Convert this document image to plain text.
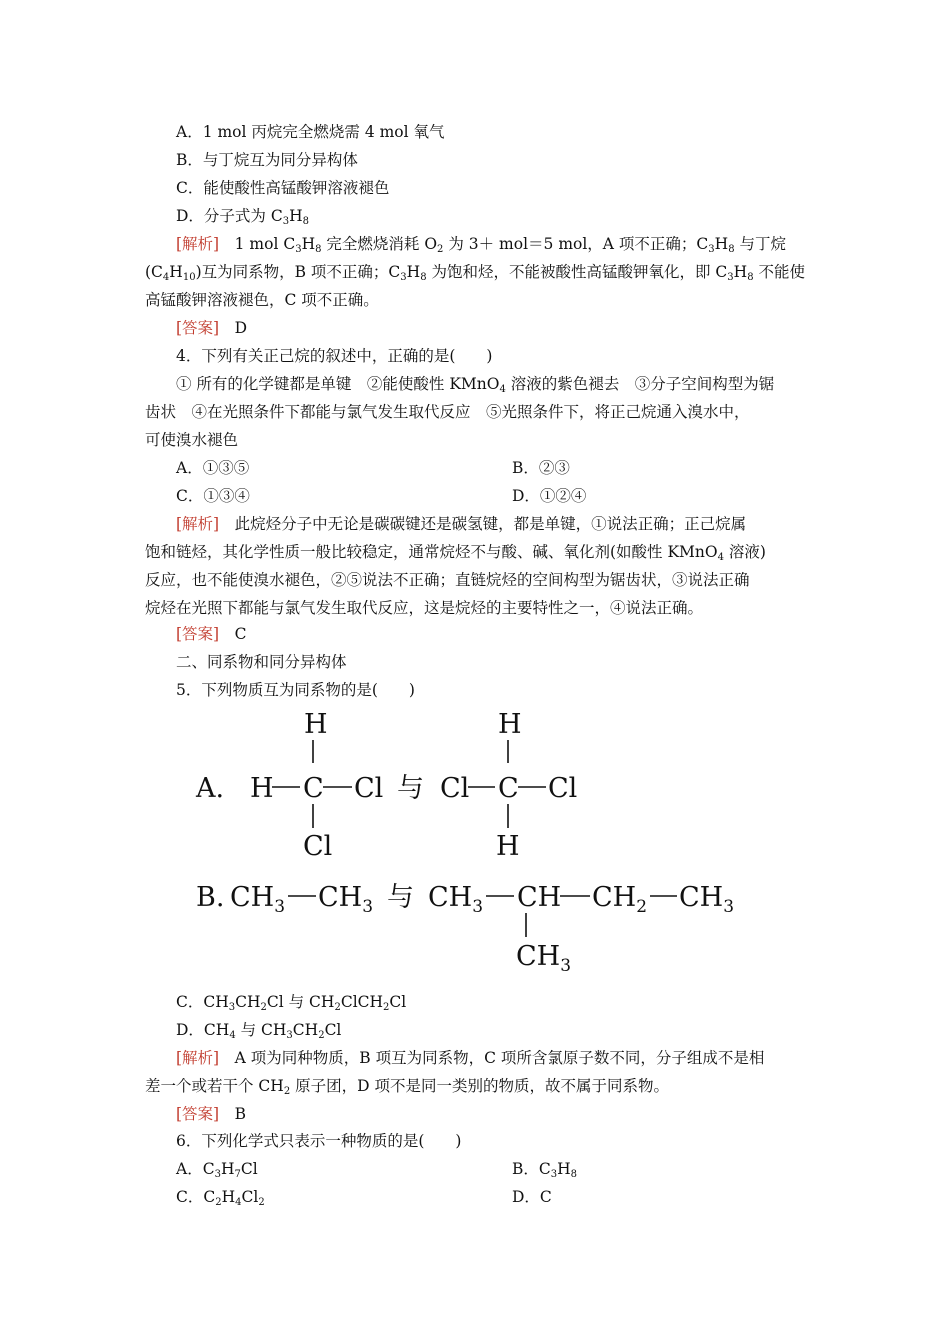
A．1 mol 丙烷完全燃烧需 4 mol 氧气
B．与丁烷互为同分异构体
C．能使酸性高锰酸钾溶液褪色
D．分子式为 C3H8
[解析]　 1 mol C3H8 完全燃烧消耗 O2 为 3＋ mol＝5 mol，A 项不正确；C3H8 与丁烷
(C4H10)互为同系物，B 项不正确；C3H8 为饱和烃，不能被酸性高锰酸钾氧化，即 C3H8 不能使
高锰酸钾溶液褪色，C 项不正确。
[答案]　 D
4．下列有关正己烷的叙述中，正确的是(　　)
① 所有的化学键都是单键　②能使酸性 KMnO4 溶液的紫色褪去　③分子空间构型为锯
齿状　④在光照条件下都能与氯气发生取代反应　⑤光照条件下，将正己烷通入溴水中，
可使溴水褪色
A．①③⑤	B．②③
C．①③④	D．①②④
[解析]　 此烷烃分子中无论是碳碳键还是碳氢键，都是单键，①说法正确；正己烷属
饱和链烃，其化学性质一般比较稳定，通常烷烃不与酸、碱、氧化剂(如酸性 KMnO4 溶液)
反应，也不能使溴水褪色，②⑤说法不正确；直链烷烃的空间构型为锯齿状，③说法正确
烷烃在光照下都能与氯气发生取代反应，这是烷烃的主要特性之一，④说法正确。
[答案]　 C
二、同系物和同分异构体
5．下列物质互为同系物的是(　　)
A.
H
H C Cl
Cl
与
H
Cl C Cl
H
B. $CH_3$ $CH_3$ 与 $CH_3$ CH $CH_2$ $CH_3$
$CH_3$
C．CH3CH2Cl 与 CH2ClCH2Cl
D．CH4 与 CH3CH2Cl
[解析]　 A 项为同种物质，B 项互为同系物，C 项所含氯原子数不同，分子组成不是相
差一个或若干个 CH2 原子团，D 项不是同一类别的物质，故不属于同系物。
[答案]　 B
6．下列化学式只表示一种物质的是(　　)
A．C3H7Cl	B．C3H8
C．C2H4Cl2	D．C
